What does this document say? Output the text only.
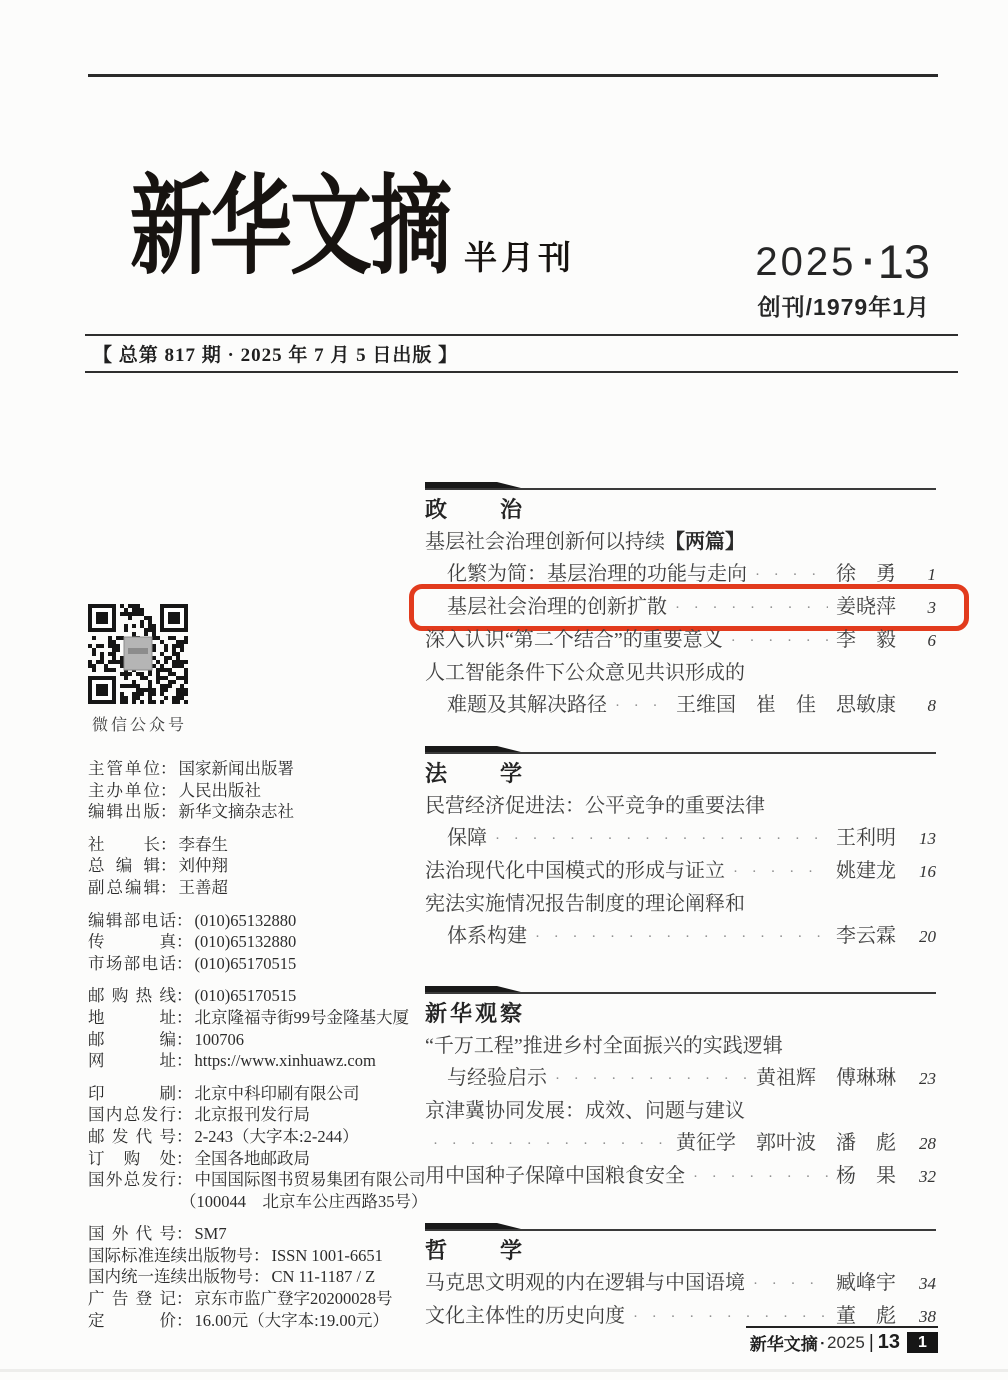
新华文摘 半月刊	2025 · 13
创刊/1979年1月
【 总第 817 期 · 2025 年 7 月 5 日出版 】
微信公众号
主管单位 ： 国家新闻出版署
主办单位 ： 人民出版社
编辑出版 ： 新华文摘杂志社
社长 ： 李春生
总编辑 ： 刘仲翔
副总编辑 ： 王善超
编辑部电话 ： (010)65132880
传真 ： (010)65132880
市场部电话 ： (010)65170515
邮购热线 ： (010)65170515
地址 ： 北京隆福寺街99号金隆基大厦
邮编 ： 100706
网址 ： https://www.xinhuawz.com
印刷 ： 北京中科印刷有限公司
国内总发行 ： 北京报刊发行局
邮发代号 ： 2-243（大字本:2-244）
订购处 ： 全国各地邮政局
国外总发行 ： 中国国际图书贸易集团有限公司
（100044　北京车公庄西路35号）
国外代号 ： SM7
国际标准连续出版物号 ： ISSN 1001-6651
国内统一连续出版物号 ： CN 11-1187 / Z
广告登记 ： 京东市监广登字20200028号
定价 ： 16.00元（大字本:19.00元）
政　　治
基层社会治理创新何以持续 【两篇】
化繁为简：基层治理的功能与走向 · · ·	徐　勇	1
基层社会治理的创新扩散 · · ·	姜晓萍	3
深入认识“第二个结合”的重要意义 · · ·	李　毅	6
人工智能条件下公众意见共识形成的
难题及其解决路径 · · ·	王维国　崔　佳　思敏康	8
法　　学
民营经济促进法：公平竞争的重要法律
保障 · · ·	王利明	13
法治现代化中国模式的形成与证立 · · ·	姚建龙	16
宪法实施情况报告制度的理论阐释和
体系构建 · · ·	李云霖	20
新华观察
“千万工程”推进乡村全面振兴的实践逻辑
与经验启示 · · ·	黄祖辉　傅琳琳	23
京津冀协同发展：成效、问题与建议
· · ·
黄征学　郭叶波　潘　彪	28
用中国种子保障中国粮食安全 · · ·	杨　果	32
哲　　学
马克思文明观的内在逻辑与中国语境 · · ·	臧峰宇	34
文化主体性的历史向度 · · ·	董　彪	38
新华文摘 ▪ 2025 | 13	1
